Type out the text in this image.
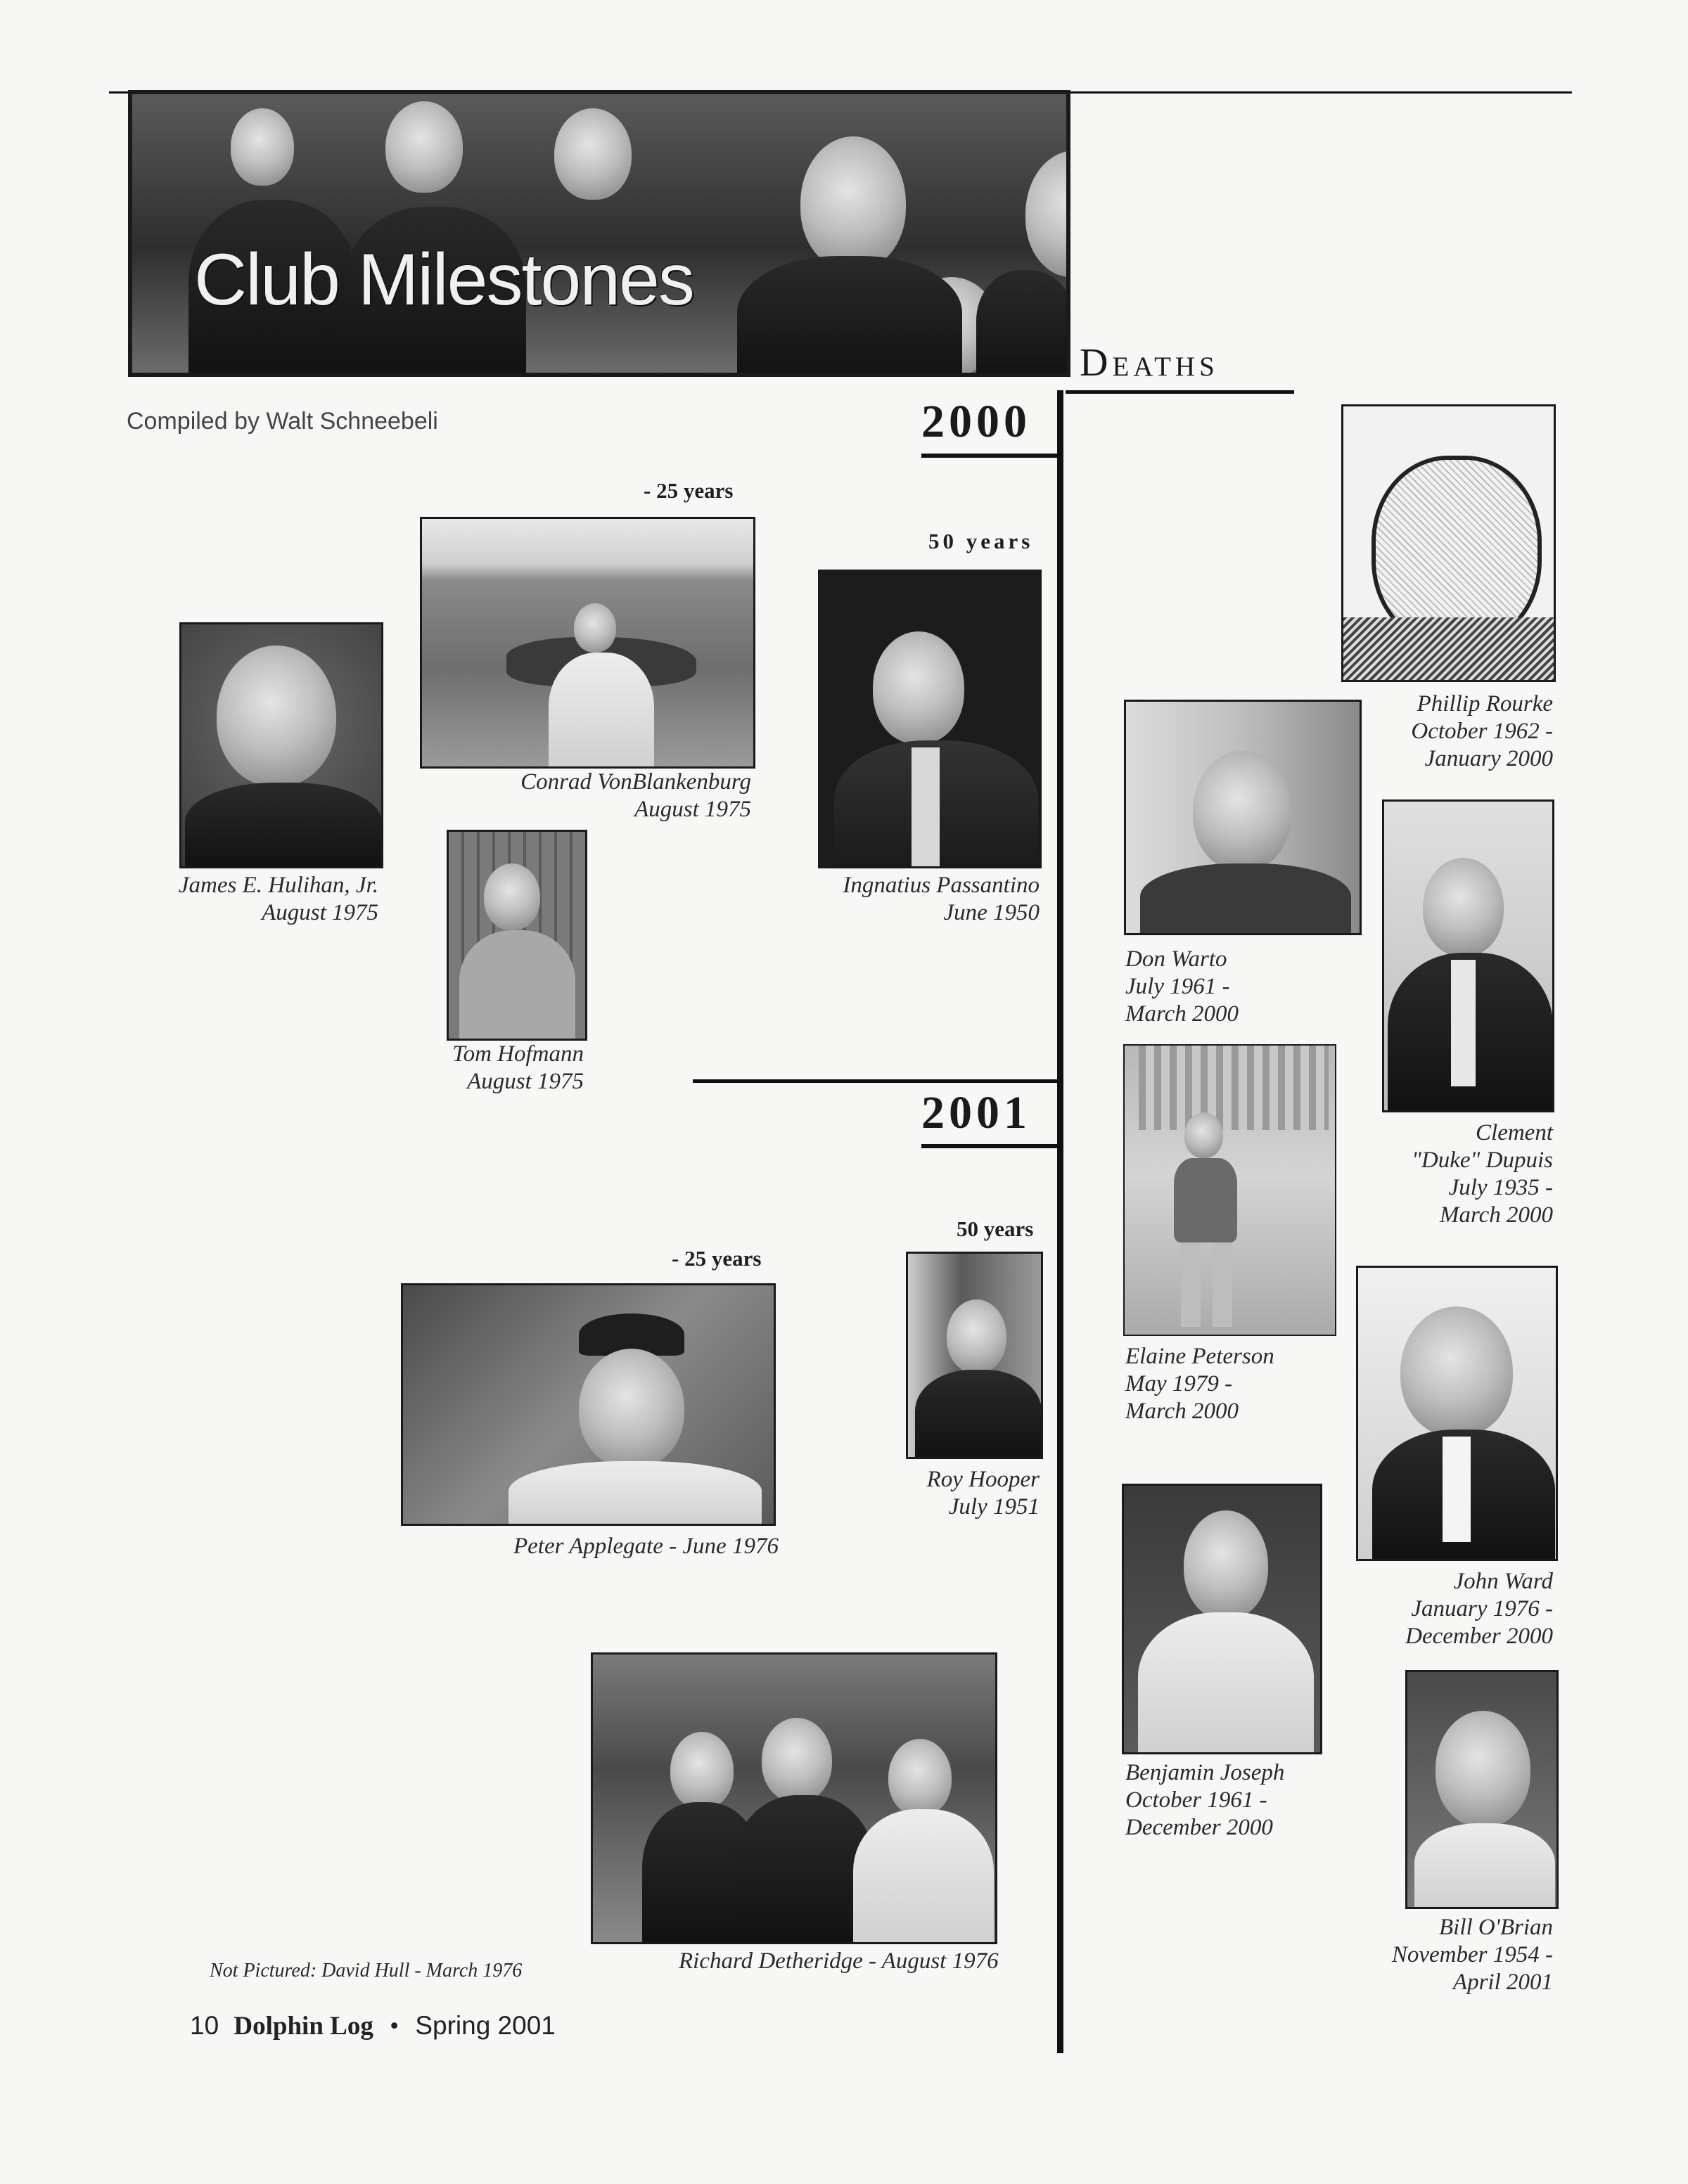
Club Milestones
Deaths
Compiled by Walt Schneebeli	2000
- 25 years
50 years
Conrad VonBlankenburg
August 1975
James E. Hulihan, Jr.
August 1975
Tom Hofmann
August 1975
Ingnatius Passantino
June 1950
2001
50 years
- 25 years
Peter Applegate - June 1976
Roy Hooper
July 1951
Richard Detheridge - August 1976
Not Pictured: David Hull - March 1976
Phillip Rourke
October 1962 -
January 2000
Don Warto
July 1961 -
March 2000
Clement
"Duke" Dupuis
July 1935 -
March 2000
Elaine Peterson
May 1979 -
March 2000
John Ward
January 1976 -
December 2000
Benjamin Joseph
October 1961 -
December 2000
Bill O'Brian
November 1954 -
April 2001
10 Dolphin Log • Spring 2001
